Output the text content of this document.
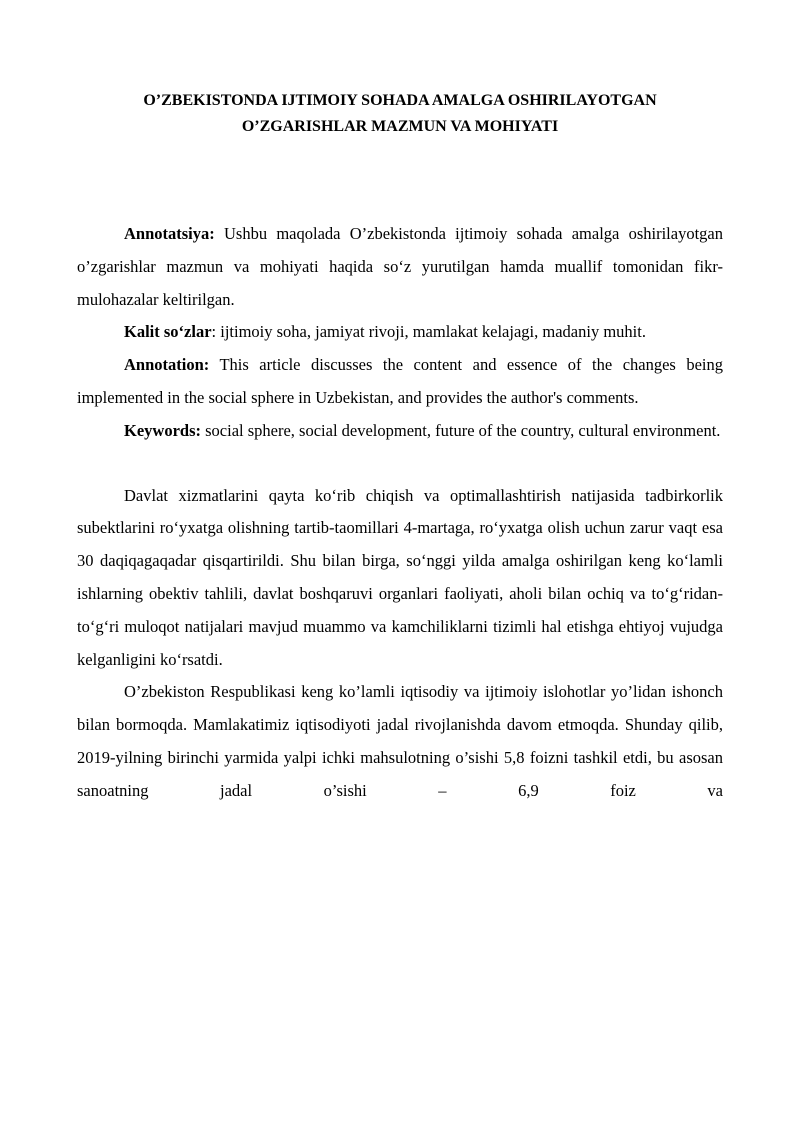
O’ZBEKISTONDA IJTIMOIY SOHADA AMALGA OSHIRILAYOTGAN
O’ZGARISHLAR MAZMUN VA MOHIYATI

Annotatsiya: Ushbu maqolada O’zbekistonda ijtimoiy sohada amalga oshirilayotgan o’zgarishlar mazmun va mohiyati haqida so‘z yurutilgan hamda muallif tomonidan fikr-mulohazalar keltirilgan.

Kalit so‘zlar: ijtimoiy soha, jamiyat rivoji, mamlakat kelajagi, madaniy muhit.

Annotation: This article discusses the content and essence of the changes being implemented in the social sphere in Uzbekistan, and provides the author's comments.

Keywords: social sphere, social development, future of the country, cultural environment.

Davlat xizmatlarini qayta ko‘rib chiqish va optimallashtirish natijasida tadbirkorlik subektlarini ro‘yxatga olishning tartib-taomillari 4-martaga, ro‘yxatga olish uchun zarur vaqt esa 30 daqiqagaqadar qisqartirildi. Shu bilan birga, so‘nggi yilda amalga oshirilgan keng ko‘lamli ishlarning obektiv tahlili, davlat boshqaruvi organlari faoliyati, aholi bilan ochiq va to‘g‘ridan-to‘g‘ri muloqot natijalari mavjud muammo va kamchiliklarni tizimli hal etishga ehtiyoj vujudga kelganligini ko‘rsatdi.

O’zbekiston Respublikasi keng ko’lamli iqtisodiy va ijtimoiy islohotlar yo’lidan ishonch bilan bormoqda. Mamlakatimiz iqtisodiyoti jadal rivojlanishda davom etmoqda. Shunday qilib, 2019-yilning birinchi yarmida yalpi ichki mahsulotning o’sishi 5,8 foizni tashkil etdi, bu asosan sanoatning jadal o’sishi – 6,9 foiz va
